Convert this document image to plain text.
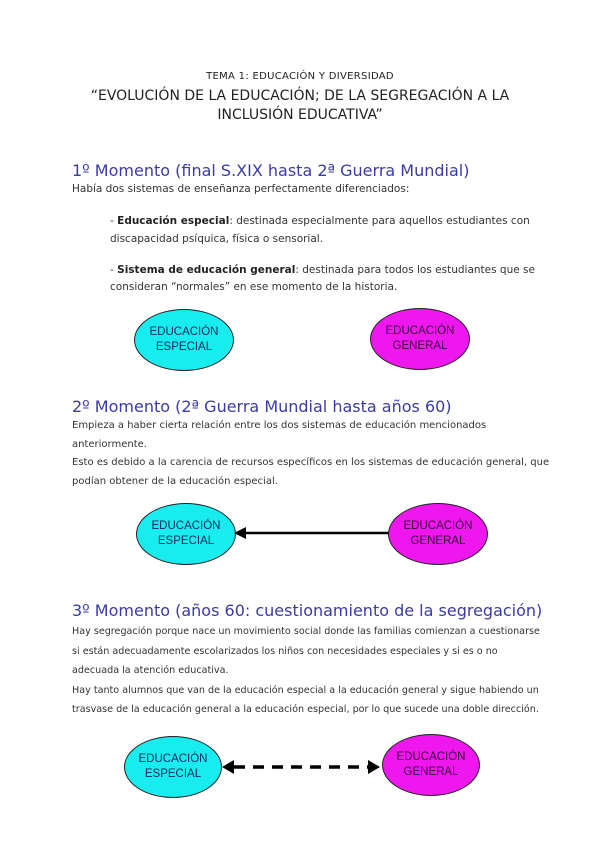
TEMA 1: EDUCACIÓN Y DIVERSIDAD
“EVOLUCIÓN DE LA EDUCACIÓN; DE LA SEGREGACIÓN A LA
INCLUSIÓN EDUCATIVA”
1º Momento (final S.XIX hasta 2ª Guerra Mundial)
Había dos sistemas de enseñanza perfectamente diferenciados:
- Educación especial: destinada especialmente para aquellos estudiantes con
discapacidad psíquica, física o sensorial.
- Sistema de educación general: destinada para todos los estudiantes que se
consideran “normales” en ese momento de la historia.
EDUCACIÓN
ESPECIAL
EDUCACIÓN
GENERAL
2º Momento (2ª Guerra Mundial hasta años 60)
Empieza a haber cierta relación entre los dos sistemas de educación mencionados
anteriormente.
Esto es debido a la carencia de recursos específicos en los sistemas de educación general, que
podían obtener de la educación especial.
EDUCACIÓN
ESPECIAL
EDUCACIÓN
GENERAL
3º Momento (años 60: cuestionamiento de la segregación)
Hay segregación porque nace un movimiento social donde las familias comienzan a cuestionarse
si están adecuadamente escolarizados los niños con necesidades especiales y si es o no
adecuada la atención educativa.
Hay tanto alumnos que van de la educación especial a la educación general y sigue habiendo un
trasvase de la educación general a la educación especial, por lo que sucede una doble dirección.
EDUCACIÓN
ESPECIAL
EDUCACIÓN
GENERAL
